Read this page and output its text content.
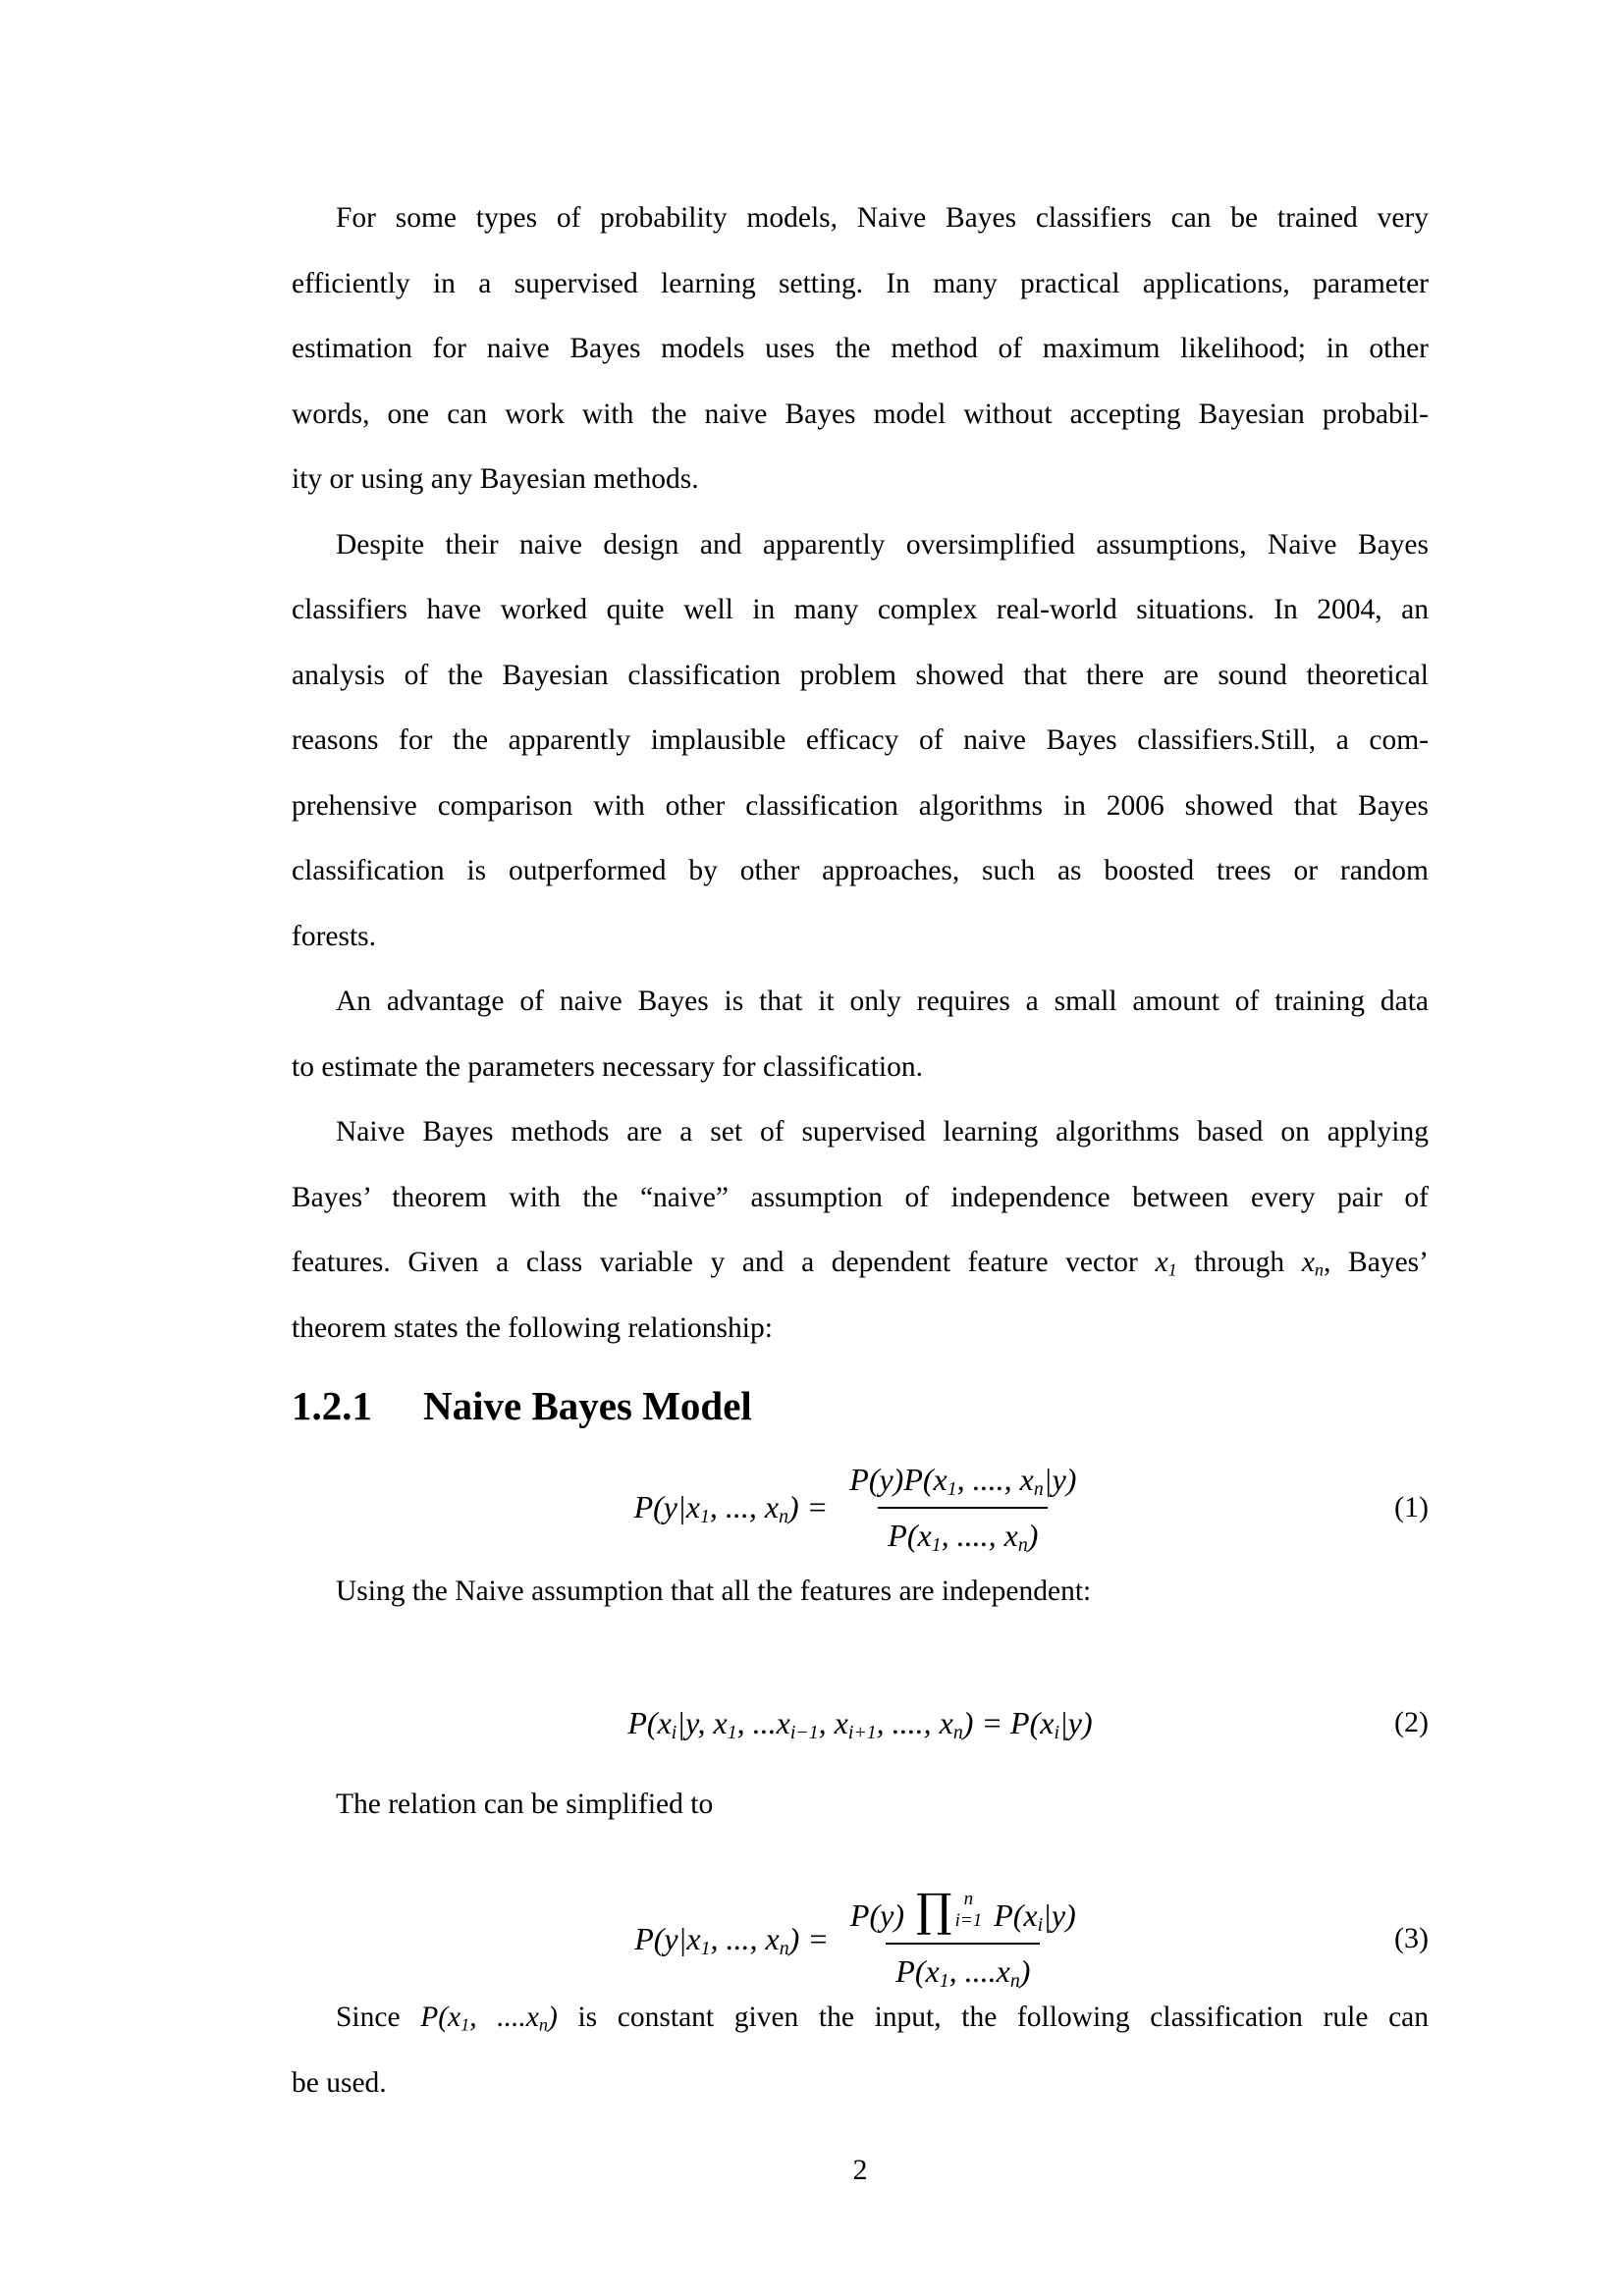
For some types of probability models, Naive Bayes classifiers can be trained very
efficiently in a supervised learning setting. In many practical applications, parameter
estimation for naive Bayes models uses the method of maximum likelihood; in other
words, one can work with the naive Bayes model without accepting Bayesian probabil-
ity or using any Bayesian methods.
Despite their naive design and apparently oversimplified assumptions, Naive Bayes
classifiers have worked quite well in many complex real-world situations. In 2004, an
analysis of the Bayesian classification problem showed that there are sound theoretical
reasons for the apparently implausible efficacy of naive Bayes classifiers.Still, a com-
prehensive comparison with other classification algorithms in 2006 showed that Bayes
classification is outperformed by other approaches, such as boosted trees or random
forests.
An advantage of naive Bayes is that it only requires a small amount of training data
to estimate the parameters necessary for classification.
Naive Bayes methods are a set of supervised learning algorithms based on applying
Bayes’ theorem with the “naive” assumption of independence between every pair of
features. Given a class variable y and a dependent feature vector $x_1$ through $x_n$, Bayes’
theorem states the following relationship:
1.2.1 Naive Bayes Model
$P(y|x_1$, ..., $x_n) = \frac{P(y)P(x_1, ...., x_n|y)}{P(x_1, ...., x_n)}$	(1)
Using the Naive assumption that all the features are independent:
$P(x_i|y$, $x_1$, $...x_{i-1}$, $x_{i+1}$, ...., $x_n) = P(x_i|y)$	(2)
The relation can be simplified to
$P(y|x_1$, ..., $x_n) = P(y)$ ∏ n
i=1 $P(x_i|y)$
$P(x_1$, $....x_n$)	(3)
Since $P(x_1$, $....x_n$) is constant given the input, the following classification rule can
be used.
2
